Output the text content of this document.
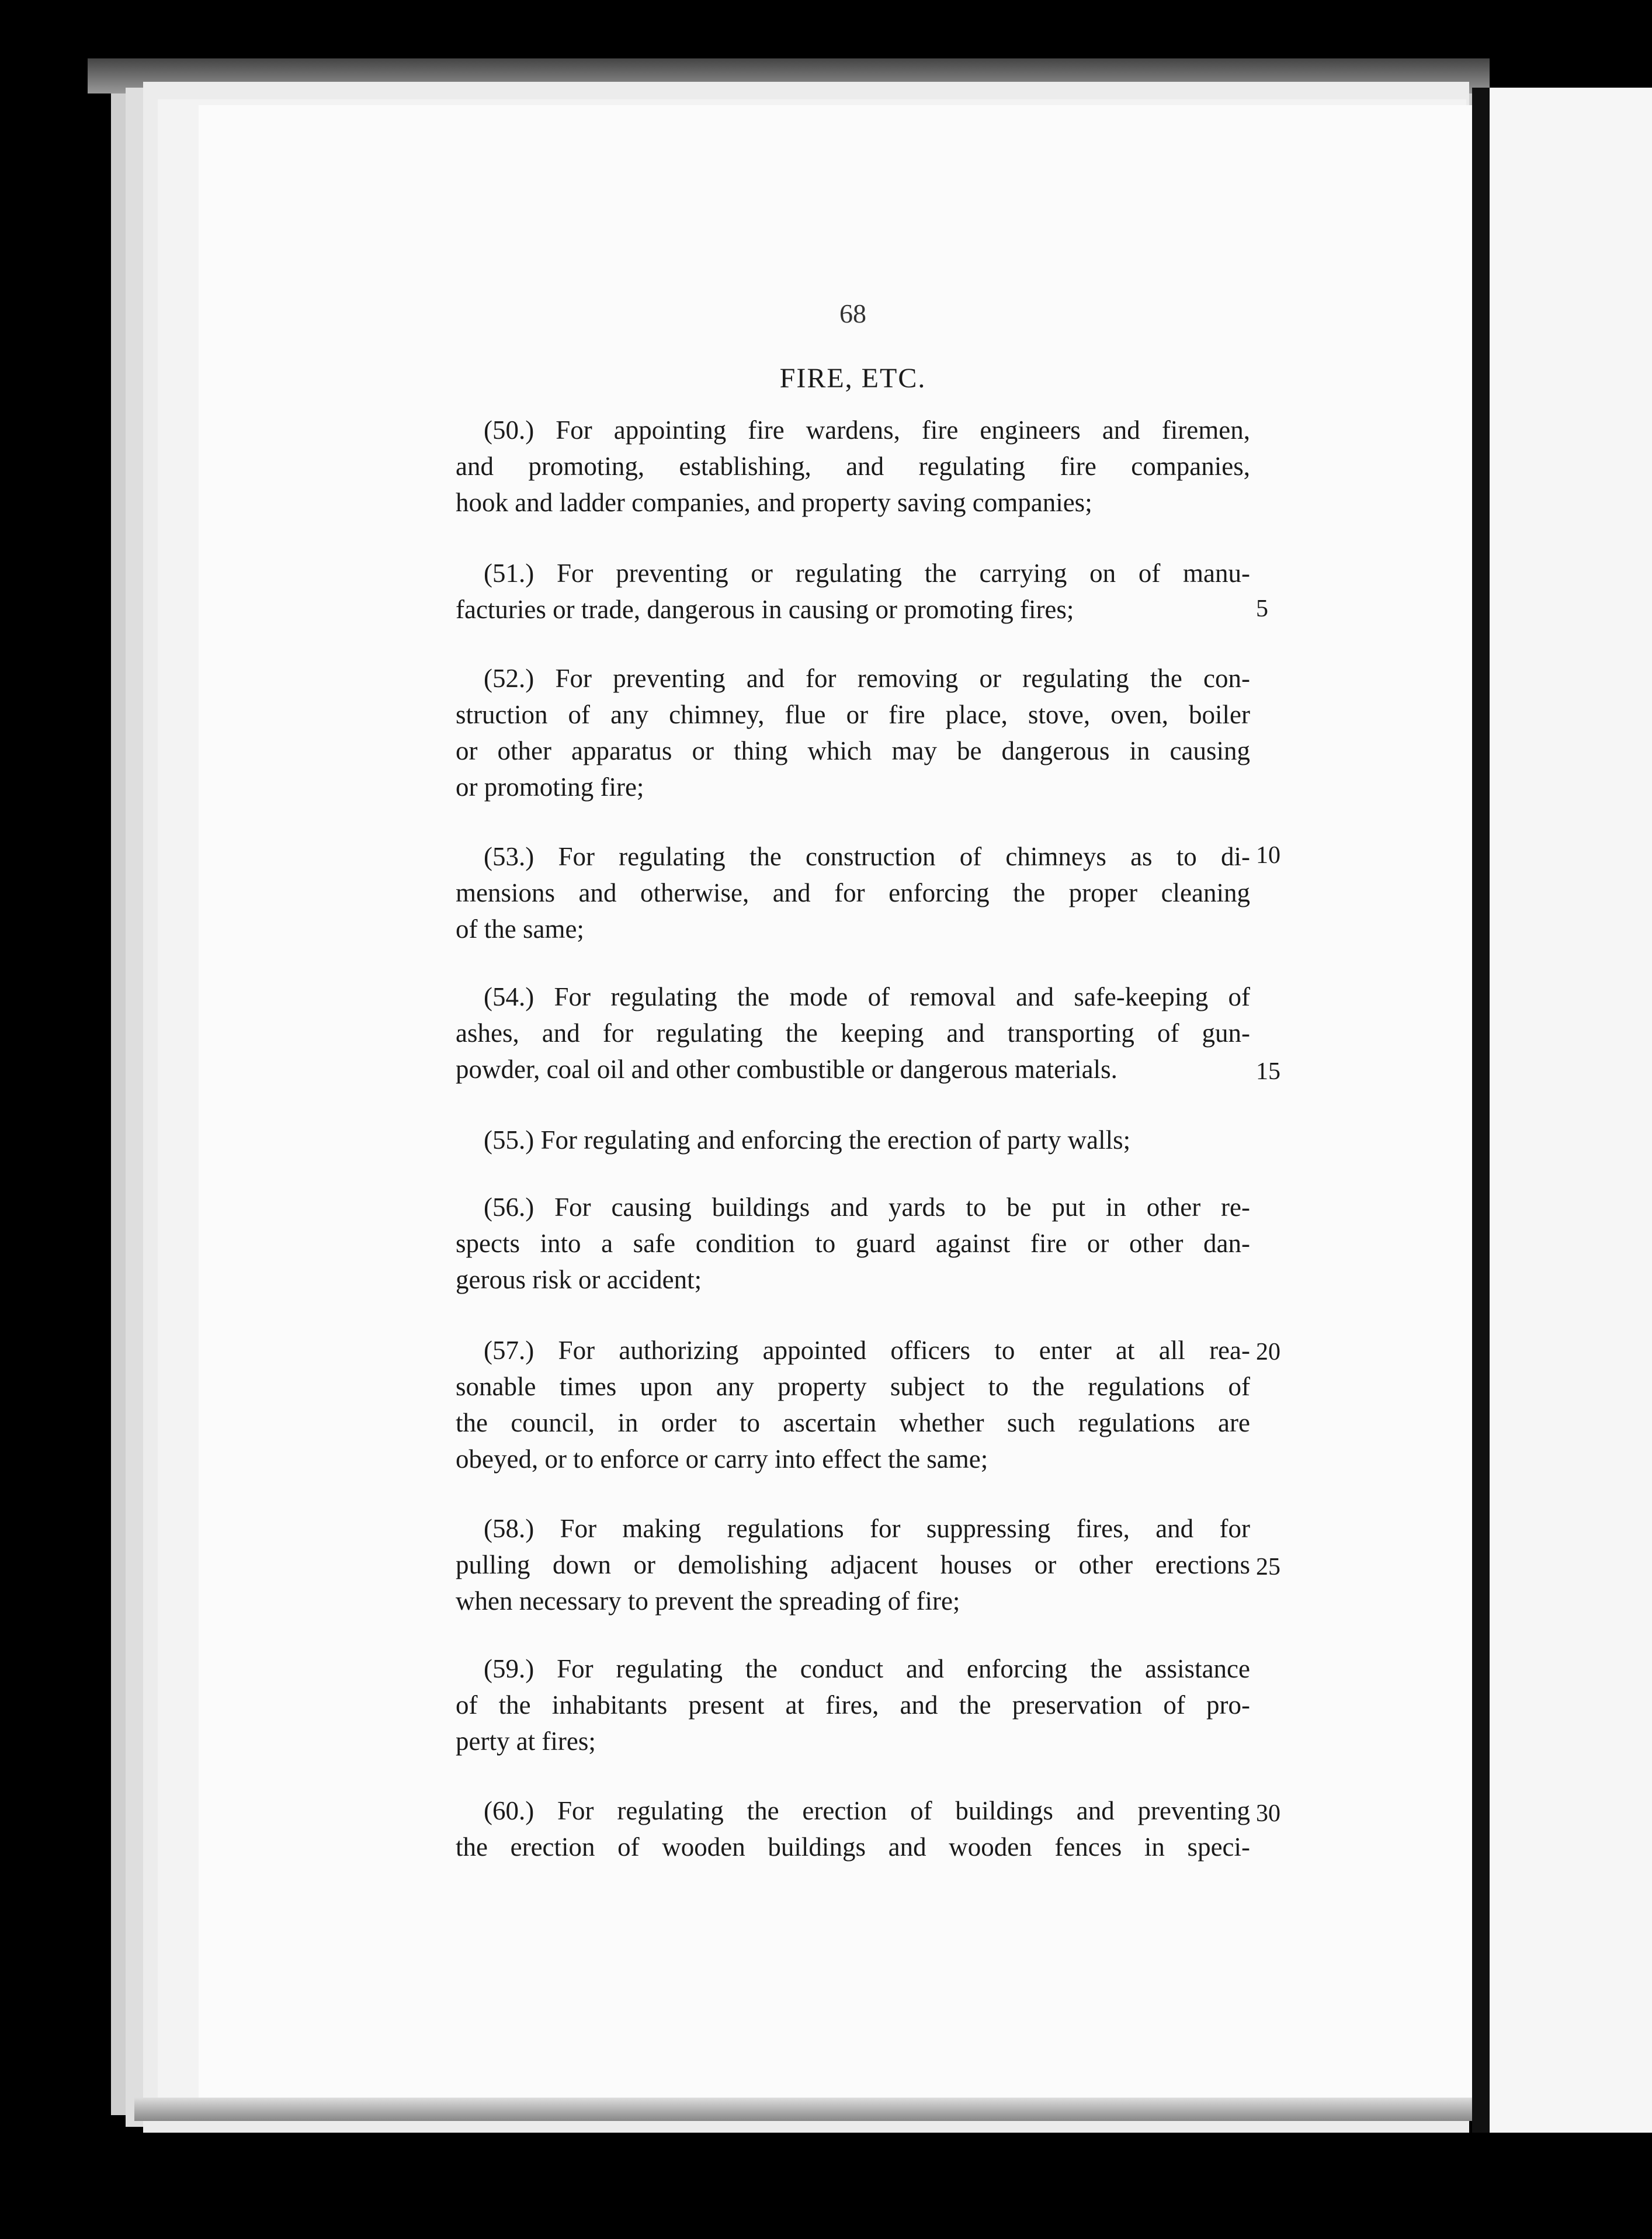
68
FIRE, ETC.
(50.) For appointing fire wardens, fire engineers and firemen,
and promoting, establishing, and regulating fire companies,
hook and ladder companies, and property saving companies;
(51.) For preventing or regulating the carrying on of manu-
facturies or trade, dangerous in causing or promoting fires;	5
(52.) For preventing and for removing or regulating the con-
struction of any chimney, flue or fire place, stove, oven, boiler
or other apparatus or thing which may be dangerous in causing
or promoting fire;
(53.) For regulating the construction of chimneys as to di-
mensions and otherwise, and for enforcing the proper cleaning
of the same;
10
(54.) For regulating the mode of removal and safe-keeping of
ashes, and for regulating the keeping and transporting of gun-
powder, coal oil and other combustible or dangerous materials.	15
(55.) For regulating and enforcing the erection of party walls;
(56.) For causing buildings and yards to be put in other re-
spects into a safe condition to guard against fire or other dan-
gerous risk or accident;
(57.) For authorizing appointed officers to enter at all rea-
sonable times upon any property subject to the regulations of
the council, in order to ascertain whether such regulations are
obeyed, or to enforce or carry into effect the same;
20
(58.) For making regulations for suppressing fires, and for
pulling down or demolishing adjacent houses or other erections
when necessary to prevent the spreading of fire;
25
(59.) For regulating the conduct and enforcing the assistance
of the inhabitants present at fires, and the preservation of pro-
perty at fires;
(60.) For regulating the erection of buildings and preventing
the erection of wooden buildings and wooden fences in speci-
30
